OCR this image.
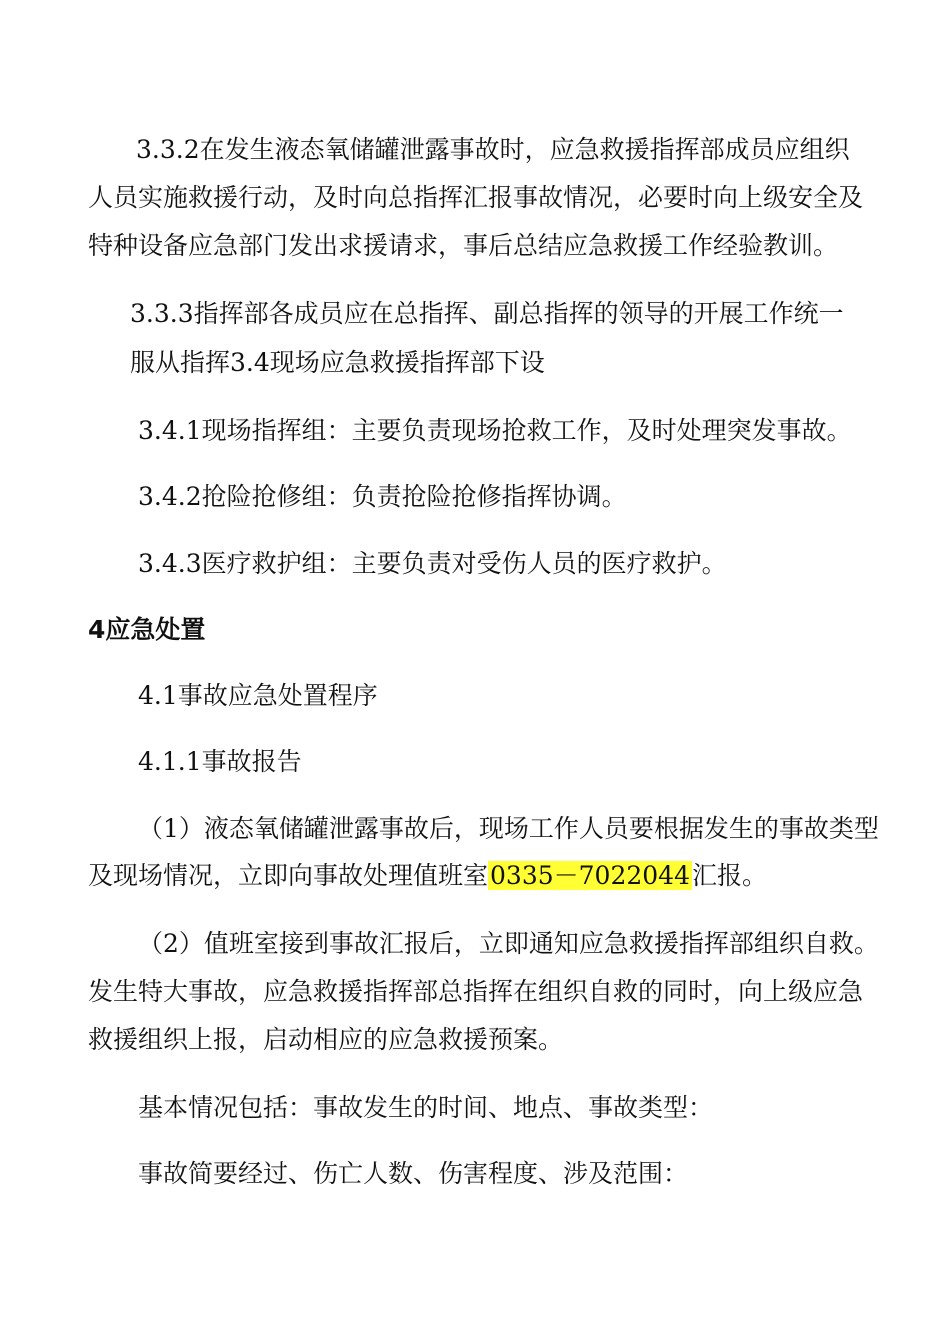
3.3.2在发生液态氧储罐泄露事故时，应急救援指挥部成员应组织
人员实施救援行动，及时向总指挥汇报事故情况，必要时向上级安全及
特种设备应急部门发出求援请求，事后总结应急救援工作经验教训。
3.3.3指挥部各成员应在总指挥、副总指挥的领导的开展工作统一
服从指挥3.4现场应急救援指挥部下设
3.4.1现场指挥组：主要负责现场抢救工作，及时处理突发事故。
3.4.2抢险抢修组：负责抢险抢修指挥协调。
3.4.3医疗救护组：主要负责对受伤人员的医疗救护。
4应急处置
4.1事故应急处置程序
4.1.1事故报告
（1）液态氧储罐泄露事故后，现场工作人员要根据发生的事故类型
及现场情况，立即向事故处理值班室0335－7022044汇报。
（2）值班室接到事故汇报后，立即通知应急救援指挥部组织自救。
发生特大事故，应急救援指挥部总指挥在组织自救的同时，向上级应急
救援组织上报，启动相应的应急救援预案。
基本情况包括：事故发生的时间、地点、事故类型：
事故简要经过、伤亡人数、伤害程度、涉及范围：
